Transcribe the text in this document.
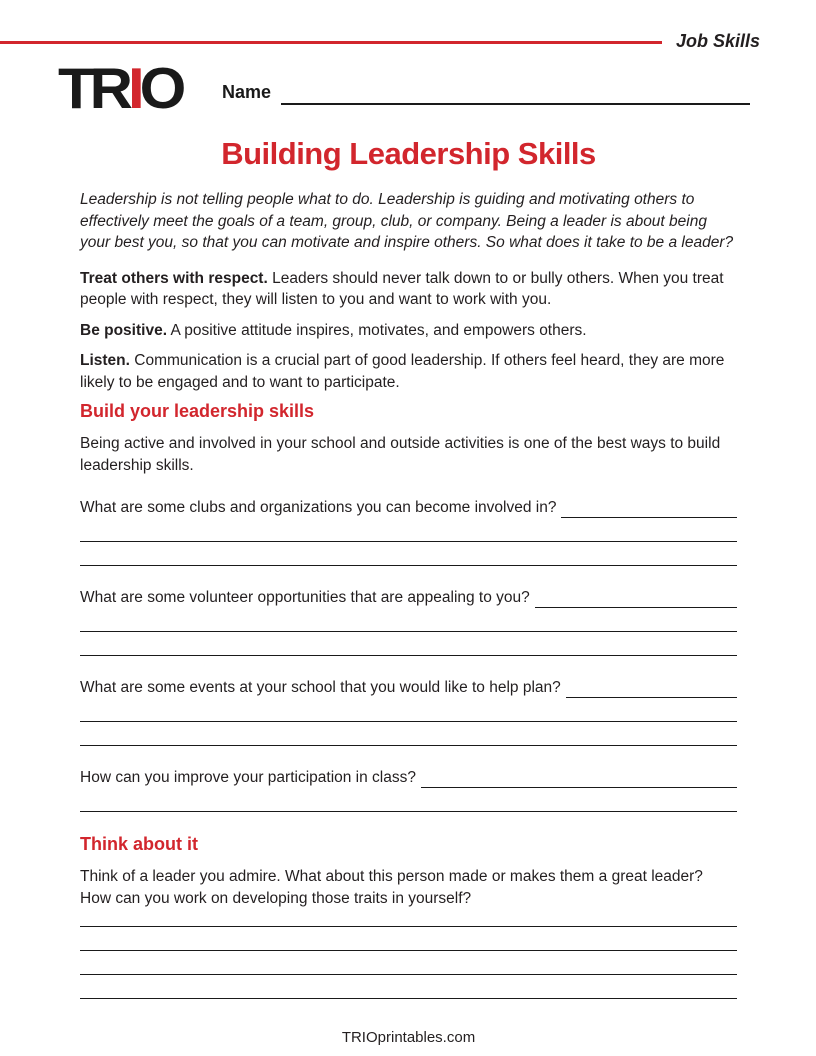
Job Skills
TRIO Name
Building Leadership Skills

Leadership is not telling people what to do. Leadership is guiding and motivating others to effectively meet the goals of a team, group, club, or company. Being a leader is about being your best you, so that you can motivate and inspire others. So what does it take to be a leader?

Treat others with respect. Leaders should never talk down to or bully others. When you treat people with respect, they will listen to you and want to work with you.

Be positive. A positive attitude inspires, motivates, and empowers others.

Listen. Communication is a crucial part of good leadership. If others feel heard, they are more likely to be engaged and to want to participate.

Build your leadership skills

Being active and involved in your school and outside activities is one of the best ways to build leadership skills.

What are some clubs and organizations you can become involved in?
What are some volunteer opportunities that are appealing to you?
What are some events at your school that you would like to help plan?
How can you improve your participation in class?
Think about it

Think of a leader you admire. What about this person made or makes them a great leader? How can you work on developing those traits in yourself?

TRIOprintables.com
